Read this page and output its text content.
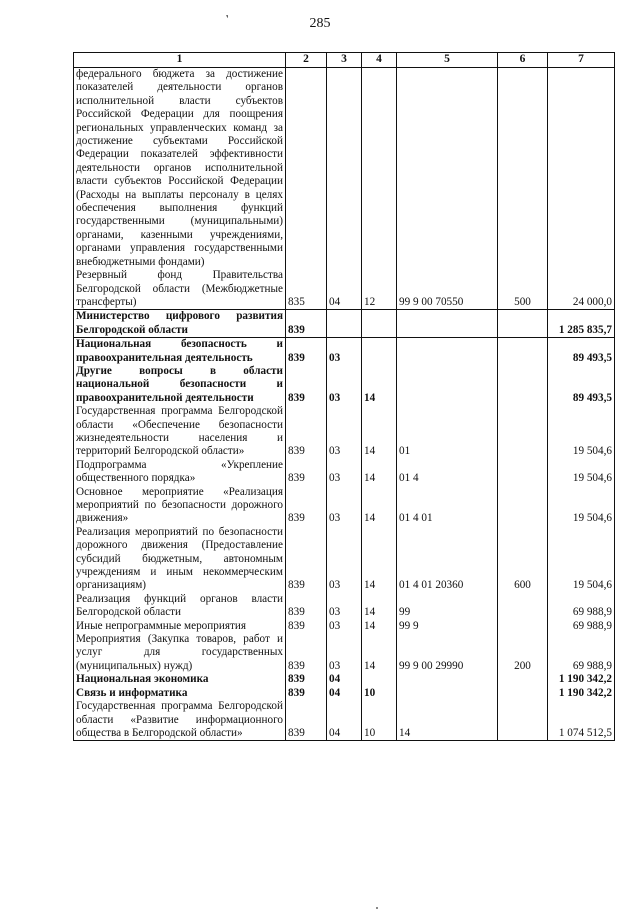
285
’
1	2	3	4	5	6	7
федерального бюджета за достижение показателей деятельности органов исполнительной власти субъектов Российской Федерации для поощрения региональных управленческих команд за достижение субъектами Российской Федерации показателей эффективности деятельности органов исполнительной власти субъектов Российской Федерации (Расходы на выплаты персоналу в целях обеспечения выполнения функций государственными (муниципальными) органами, казенными учреждениями, органами управления государственными внебюджетными фондами)						
Резервный фонд Правительства Белгородской области (Межбюджетные трансферты)	835	04	12	99 9 00 70550	500	24 000,0
Министерство цифрового развития Белгородской области	839					1 285 835,7
Национальная безопасность и правоохранительная деятельность	839	03				89 493,5
Другие вопросы в области национальной безопасности и правоохранительной деятельности	839	03	14			89 493,5
Государственная программа Белгородской области «Обеспечение безопасности жизнедеятельности населения и территорий Белгородской области»	839	03	14	01		19 504,6
Подпрограмма «Укрепление общественного порядка»	839	03	14	01 4		19 504,6
Основное мероприятие «Реализация мероприятий по безопасности дорожного движения»	839	03	14	01 4 01		19 504,6
Реализация мероприятий по безопасности дорожного движения (Предоставление субсидий бюджетным, автономным учреждениям и иным некоммерческим организациям)	839	03	14	01 4 01 20360	600	19 504,6
Реализация функций органов власти Белгородской области	839	03	14	99		69 988,9
Иные непрограммные мероприятия	839	03	14	99 9		69 988,9
Мероприятия (Закупка товаров, работ и услуг для государственных (муниципальных) нужд)	839	03	14	99 9 00 29990	200	69 988,9
Национальная экономика	839	04				1 190 342,2
Связь и информатика	839	04	10			1 190 342,2
Государственная программа Белгородской области «Развитие информационного общества в Белгородской области»	839	04	10	14		1 074 512,5
